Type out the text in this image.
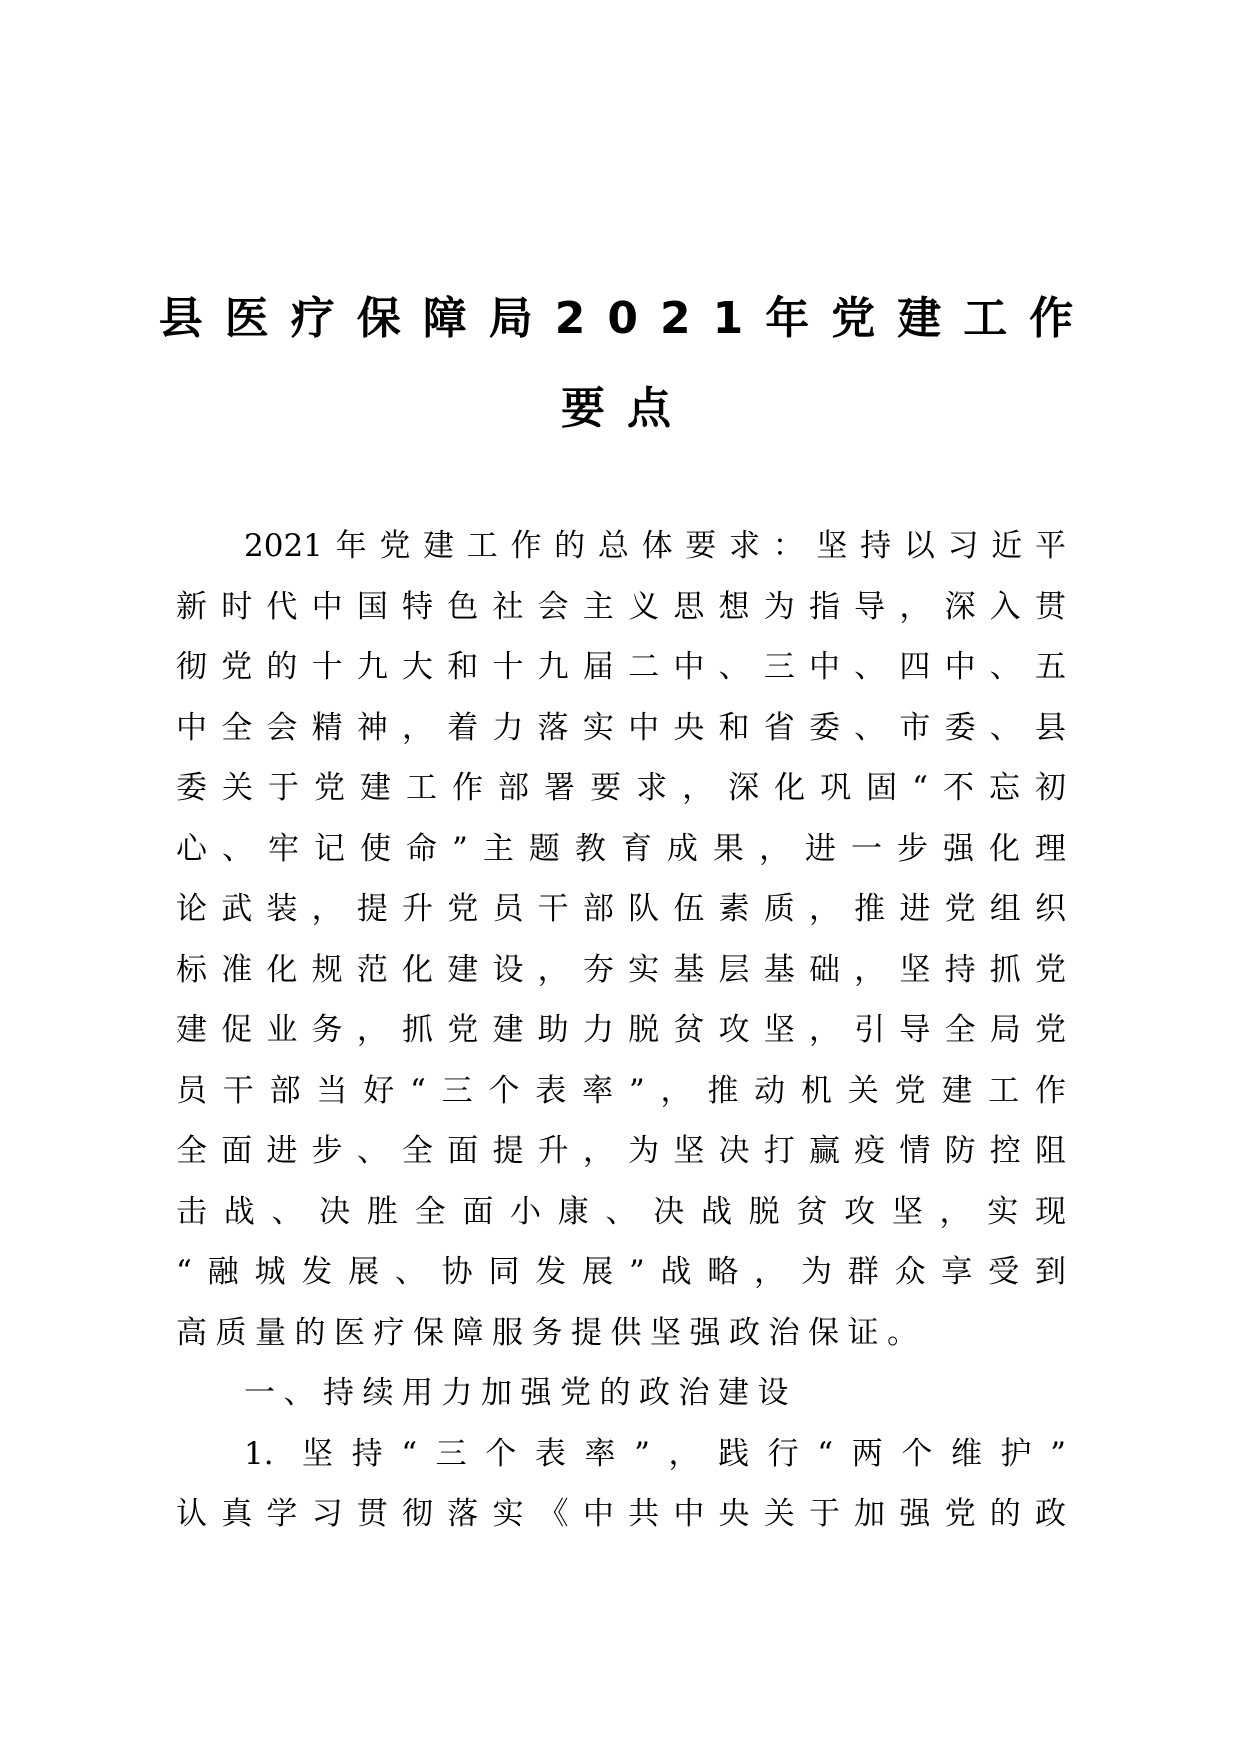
县医疗保障局2021年党建工作
要点
2021年党建工作的总体要求：坚持以习近平
新时代中国特色社会主义思想为指导，深入贯
彻党的十九大和十九届二中、三中、四中、五
中全会精神，着力落实中央和省委、市委、县
委关于党建工作部署要求，深化巩固“不忘初
心、牢记使命”主题教育成果，进一步强化理
论武装，提升党员干部队伍素质，推进党组织
标准化规范化建设，夯实基层基础，坚持抓党
建促业务，抓党建助力脱贫攻坚，引导全局党
员干部当好“三个表率”，推动机关党建工作
全面进步、全面提升，为坚决打赢疫情防控阻
击战、决胜全面小康、决战脱贫攻坚，实现
“融城发展、协同发展”战略，为群众享受到
高质量的医疗保障服务提供坚强政治保证。
一、持续用力加强党的政治建设
1. 坚持“三个表率”，践行“两个维护”
认真学习贯彻落实《中共中央关于加强党的政
